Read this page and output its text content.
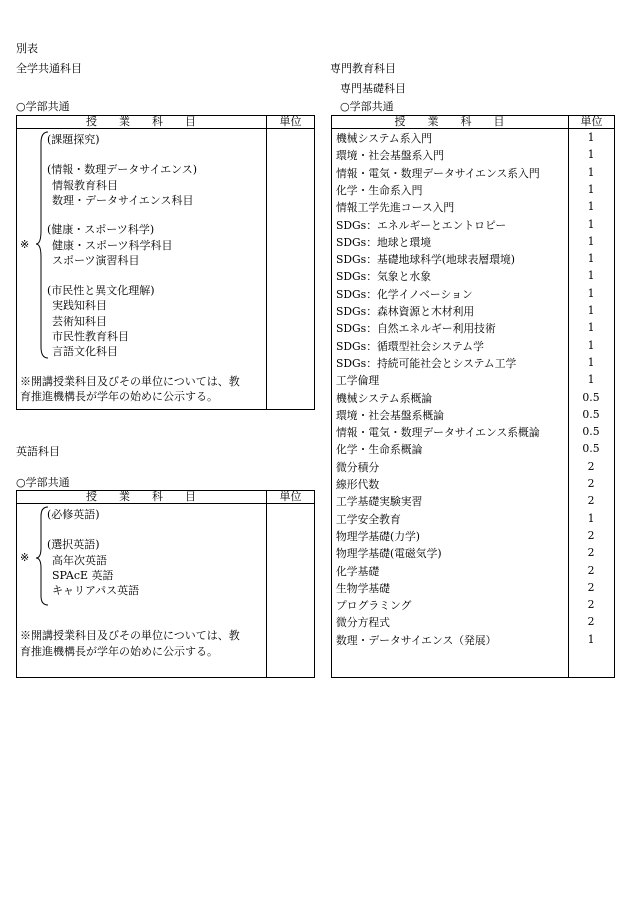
別表
全学共通科目	専門教育科目
専門基礎科目
○学部共通
授　　業　　科　　目	単位
※
(課題探究)
(情報・数理データサイエンス)
情報教育科目
数理・データサイエンス科目
(健康・スポーツ科学)
健康・スポーツ科学科目
スポーツ演習科目
(市民性と異文化理解)
実践知科目
芸術知科目
市民性教育科目
言語文化科目
※開講授業科目及びその単位については、教
育推進機構長が学年の始めに公示する。
英語科目
○学部共通
授　　業　　科　　目	単位
※
(必修英語)
(選択英語)
高年次英語
SPAcE 英語
キャリアパス英語
※開講授業科目及びその単位については、教
育推進機構長が学年の始めに公示する。
○学部共通
授　　業　　科　　目	単位
機械システム系入門	1
環境・社会基盤系入門	1
情報・電気・数理データサイエンス系入門	1
化学・生命系入門	1
情報工学先進コース入門	1
SDGs：エネルギーとエントロピー	1
SDGs：地球と環境	1
SDGs：基礎地球科学(地球表層環境)	1
SDGs：気象と水象	1
SDGs：化学イノベーション	1
SDGs：森林資源と木材利用	1
SDGs：自然エネルギー利用技術	1
SDGs：循環型社会システム学	1
SDGs：持続可能社会とシステム工学	1
工学倫理	1
機械システム系概論	0.5
環境・社会基盤系概論	0.5
情報・電気・数理データサイエンス系概論	0.5
化学・生命系概論	0.5
微分積分	2
線形代数	2
工学基礎実験実習	2
工学安全教育	1
物理学基礎(力学)	2
物理学基礎(電磁気学)	2
化学基礎	2
生物学基礎	2
プログラミング	2
微分方程式	2
数理・データサイエンス（発展）	1
